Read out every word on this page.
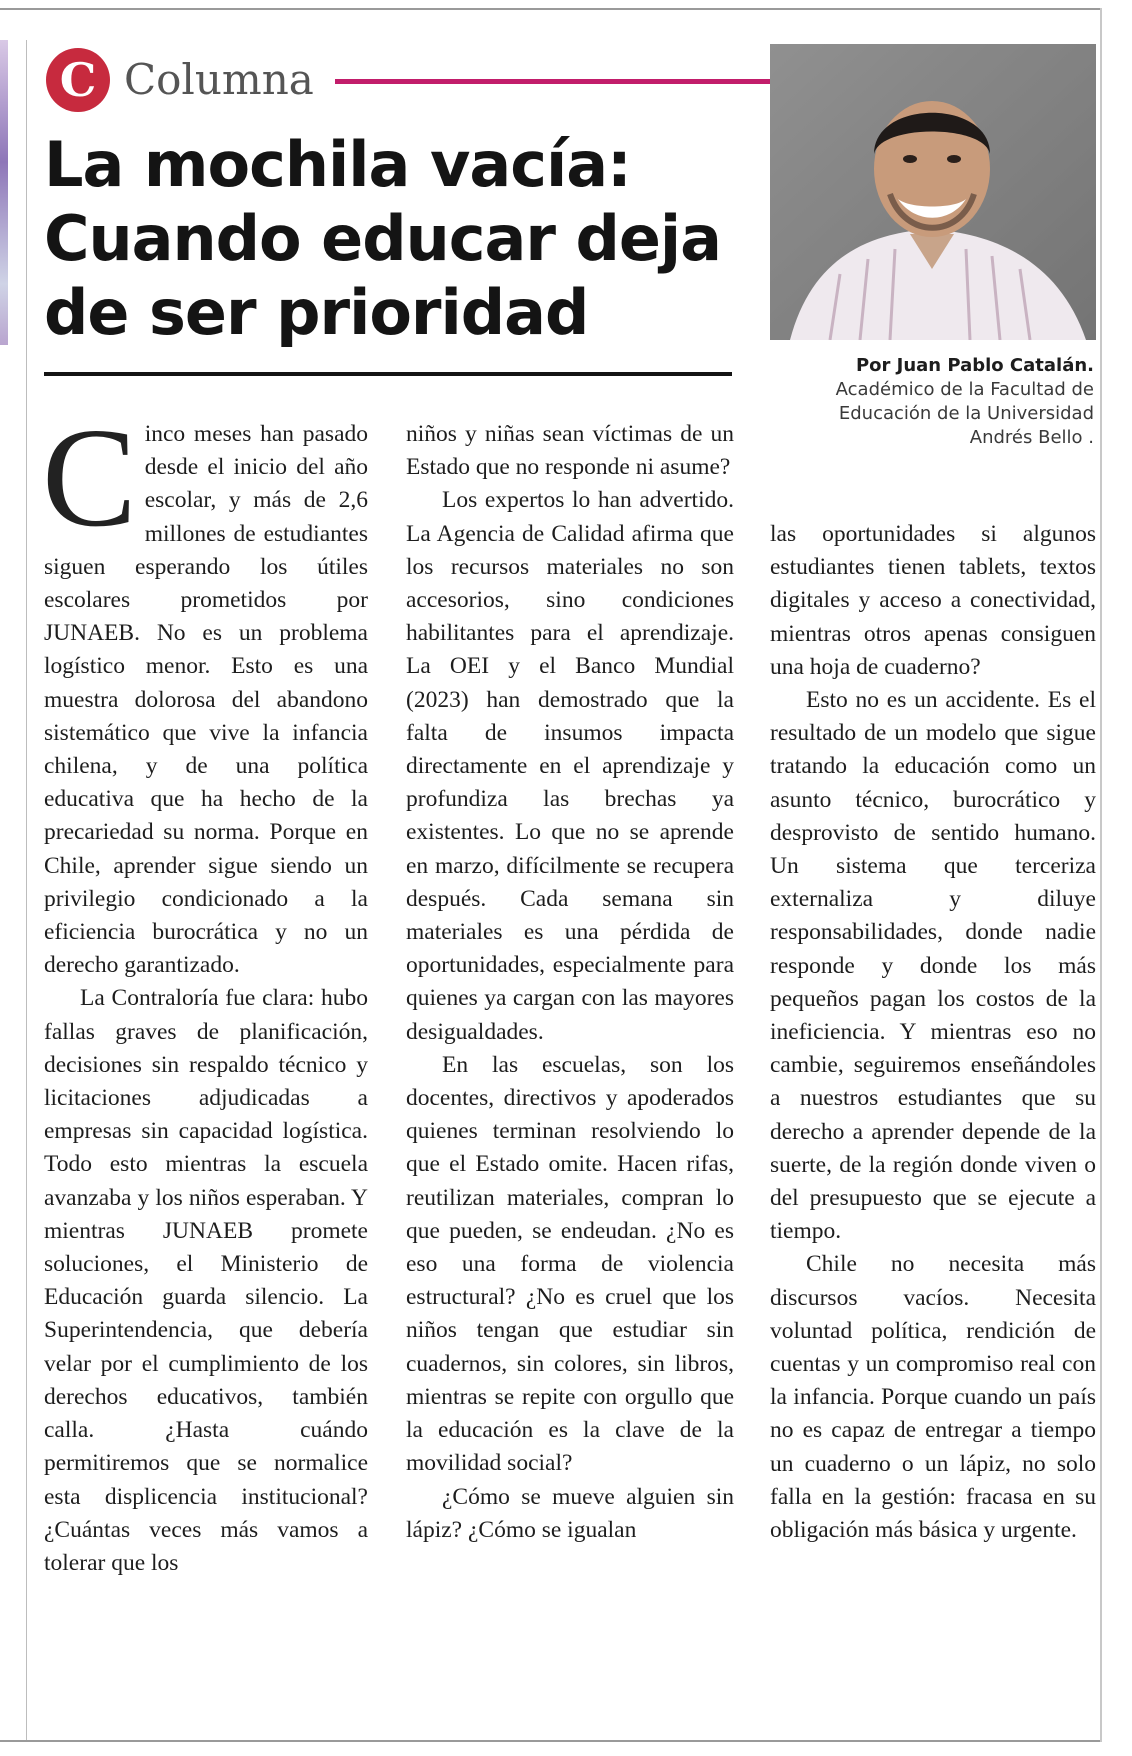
C Columna
La mochila vacía:
Cuando educar deja
de ser prioridad
Por Juan Pablo Catalán.
Académico de la Facultad de
Educación de la Universidad
Andrés Bello .

Cinco meses han pasado desde el inicio del año escolar, y más de 2,6 millones de estudiantes siguen esperando los útiles escolares prometidos por JUNAEB. No es un problema logístico menor. Esto es una muestra dolorosa del abandono sistemático que vive la infancia chilena, y de una política educativa que ha hecho de la precariedad su norma. Porque en Chile, aprender sigue siendo un privilegio condicionado a la eficiencia burocrática y no un derecho garantizado.

La Contraloría fue clara: hubo fallas graves de planificación, decisiones sin respaldo técnico y licitaciones adjudicadas a empresas sin capacidad logística. Todo esto mientras la escuela avanzaba y los niños esperaban. Y mientras JUNAEB promete soluciones, el Ministerio de Educación guarda silencio. La Superintendencia, que debería velar por el cumplimiento de los derechos educativos, también calla. ¿Hasta cuándo permitiremos que se normalice esta displicencia institucional? ¿Cuántas veces más vamos a tolerar que los

niños y niñas sean víctimas de un Estado que no responde ni asume?

Los expertos lo han advertido. La Agencia de Calidad afirma que los recursos materiales no son accesorios, sino condiciones habilitantes para el aprendizaje. La OEI y el Banco Mundial (2023) han demostrado que la falta de insumos impacta directamente en el aprendizaje y profundiza las brechas ya existentes. Lo que no se aprende en marzo, difícilmente se recupera después. Cada semana sin materiales es una pérdida de oportunidades, especialmente para quienes ya cargan con las mayores desigualdades.

En las escuelas, son los docentes, directivos y apoderados quienes terminan resolviendo lo que el Estado omite. Hacen rifas, reutilizan materiales, compran lo que pueden, se endeudan. ¿No es eso una forma de violencia estructural? ¿No es cruel que los niños tengan que estudiar sin cuadernos, sin colores, sin libros, mientras se repite con orgullo que la educación es la clave de la movilidad social?

¿Cómo se mueve alguien sin lápiz? ¿Cómo se igualan

las oportunidades si algunos estudiantes tienen tablets, textos digitales y acceso a conectividad, mientras otros apenas consiguen una hoja de cuaderno?

Esto no es un accidente. Es el resultado de un modelo que sigue tratando la educación como un asunto técnico, burocrático y desprovisto de sentido humano. Un sistema que terceriza externaliza y diluye responsabilidades, donde nadie responde y donde los más pequeños pagan los costos de la ineficiencia. Y mientras eso no cambie, seguiremos enseñándoles a nuestros estudiantes que su derecho a aprender depende de la suerte, de la región donde viven o del presupuesto que se ejecute a tiempo.

Chile no necesita más discursos vacíos. Necesita voluntad política, rendición de cuentas y un compromiso real con la infancia. Porque cuando un país no es capaz de entregar a tiempo un cuaderno o un lápiz, no solo falla en la gestión: fracasa en su obligación más básica y urgente.
